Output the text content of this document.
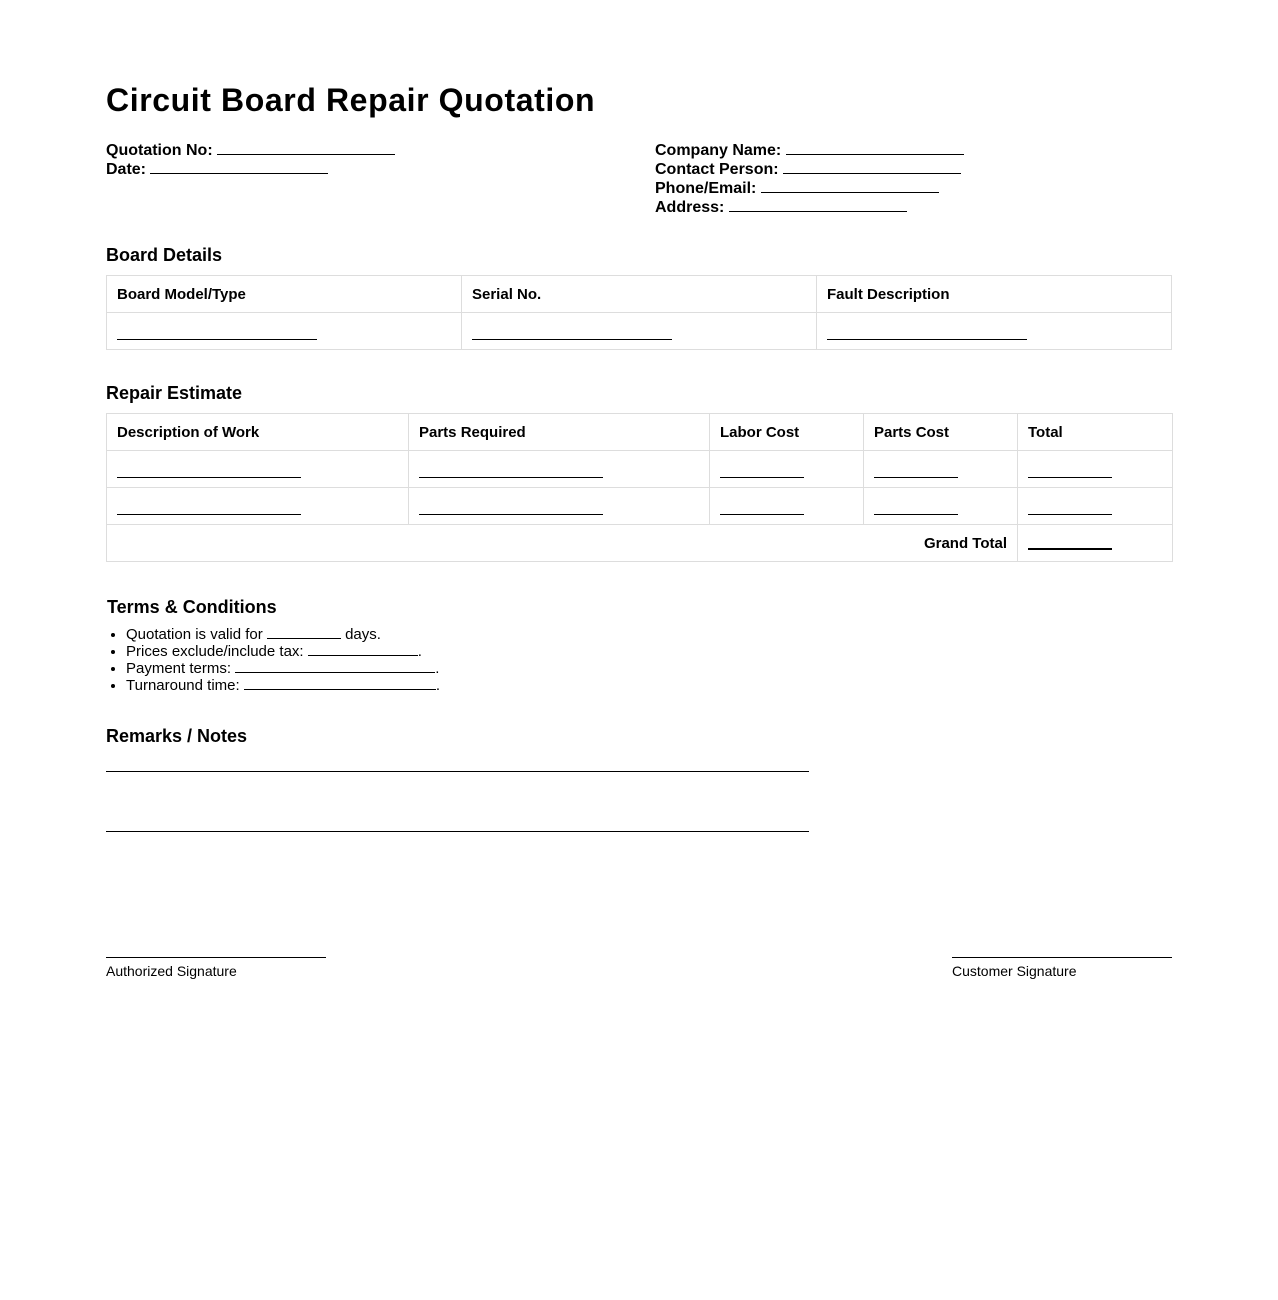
Circuit Board Repair Quotation
Quotation No:
Date:
Company Name:
Contact Person:
Phone/Email:
Address:
Board Details
Board Model/Type	Serial No.	Fault Description

Repair Estimate
Description of Work	Parts Required	Labor Cost	Parts Cost	Total

Grand Total				
Terms & Conditions
• Quotation is valid for	days.
• Prices exclude/include tax:	.
• Payment terms:	.
• Turnaround time:	.
Remarks / Notes
Authorized Signature	Customer Signature
